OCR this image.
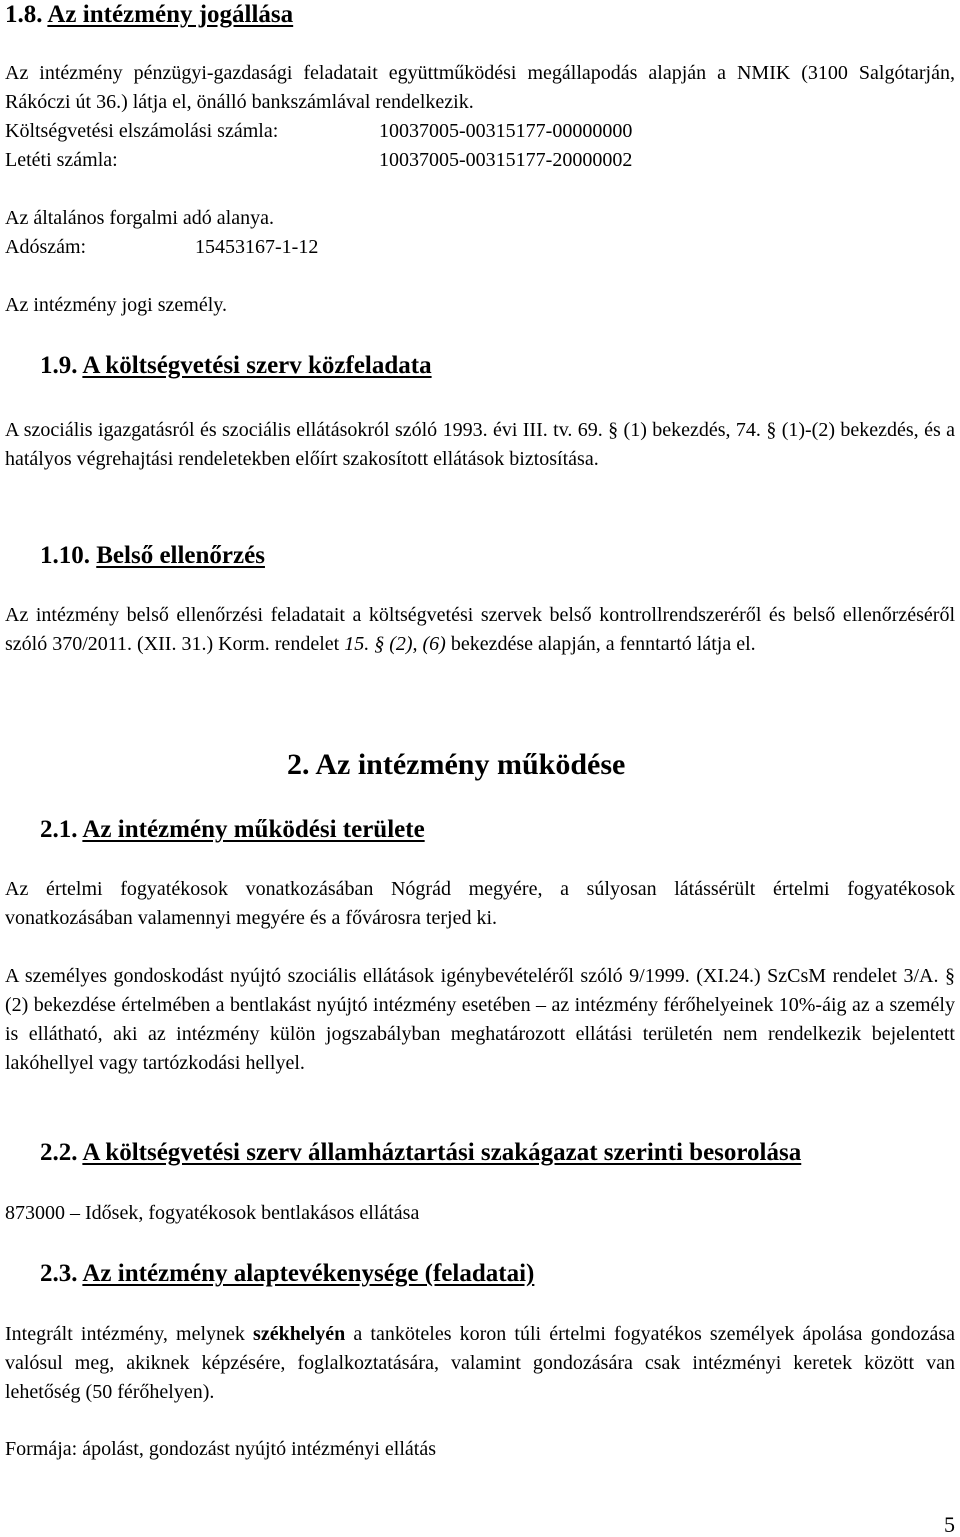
1.8. Az intézmény jogállása
Az intézmény pénzügyi-gazdasági feladatait együttműködési megállapodás alapján a NMIK (3100 Salgótarján, Rákóczi út 36.) látja el, önálló bankszámlával rendelkezik.
Költségvetési elszámolási számla:	10037005-00315177-00000000
Letéti számla:	10037005-00315177-20000002
Az általános forgalmi adó alanya.
Adószám:	15453167-1-12
Az intézmény jogi személy.
1.9. A költségvetési szerv közfeladata
A szociális igazgatásról és szociális ellátásokról szóló 1993. évi III. tv. 69. § (1) bekezdés, 74. § (1)-(2) bekezdés, és a hatályos végrehajtási rendeletekben előírt szakosított ellátások biztosítása.
1.10. Belső ellenőrzés
Az intézmény belső ellenőrzési feladatait a költségvetési szervek belső kontrollrendszeréről és belső ellenőrzéséről szóló 370/2011. (XII. 31.) Korm. rendelet 15. § (2), (6) bekezdése alapján, a fenntartó látja el.
2. Az intézmény működése
2.1. Az intézmény működési területe
Az értelmi fogyatékosok vonatkozásában Nógrád megyére, a súlyosan látássérült értelmi fogyatékosok vonatkozásában valamennyi megyére és a fővárosra terjed ki.
A személyes gondoskodást nyújtó szociális ellátások igénybevételéről szóló 9/1999. (XI.24.) SzCsM rendelet 3/A. § (2) bekezdése értelmében a bentlakást nyújtó intézmény esetében – az intézmény férőhelyeinek 10%-áig az a személy is ellátható, aki az intézmény külön jogszabályban meghatározott ellátási területén nem rendelkezik bejelentett lakóhellyel vagy tartózkodási hellyel.
2.2. A költségvetési szerv államháztartási szakágazat szerinti besorolása
873000 – Idősek, fogyatékosok bentlakásos ellátása
2.3. Az intézmény alaptevékenysége (feladatai)
Integrált intézmény, melynek székhelyén a tanköteles koron túli értelmi fogyatékos személyek ápolása gondozása valósul meg, akiknek képzésére, foglalkoztatására, valamint gondozására csak intézményi keretek között van lehetőség (50 férőhelyen).
Formája: ápolást, gondozást nyújtó intézményi ellátás
5
